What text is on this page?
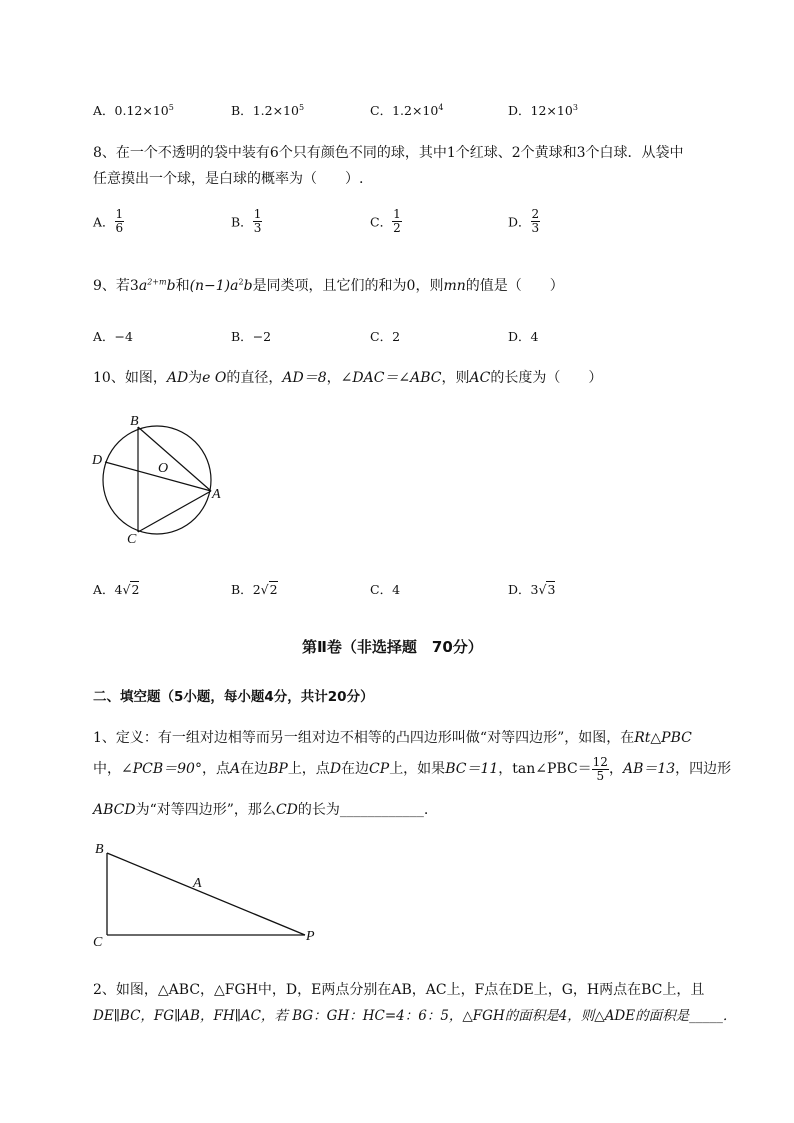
A．$0.12\times 10^5$	B．$1.2\times 10^5$	C．$1.2\times 10^4$	D．$12\times 10^3$
8、在一个不透明的袋中装有6个只有颜色不同的球，其中1个红球、2个黄球和3个白球．从袋中
任意摸出一个球，是白球的概率为（　　）.
A． $\frac{1}{6}$	B． $\frac{1}{3}$	C． $\frac{1}{2}$	D． $\frac{2}{3}$
9、若$3a^{2+m}b$和$(n-1)a^2b$是同类项，且它们的和为0，则mn的值是（　　）
A．−4	B．−2	C．2	D．4
10、如图，AD为e O的直径，AD＝8，∠DAC＝∠ABC，则AC的长度为（　　）
B
D
O
A
C
A．4√2	B．2√2	C．4	D．3√3
第Ⅱ卷（非选择题　70分）
二、填空题（5小题，每小题4分，共计20分）
1、定义：有一组对边相等而另一组对边不相等的凸四边形叫做“对等四边形”，如图，在Rt△PBC
中，∠PCB＝90°，点A在边BP上，点D在边CP上，如果BC＝11，tan∠PBC＝ $\frac{12}{5}$ ，AB＝13，四边形
ABCD为“对等四边形”，那么CD的长为____________.
B
A
C	P
2、如图，△ABC，△FGH中，D，E两点分别在AB，AC上，F点在DE上，G，H两点在BC上，且
DE∥BC，FG∥AB，FH∥AC，若 BG：GH：HC=4：6：5，△FGH的面积是4，则△ADE的面积是_____．
